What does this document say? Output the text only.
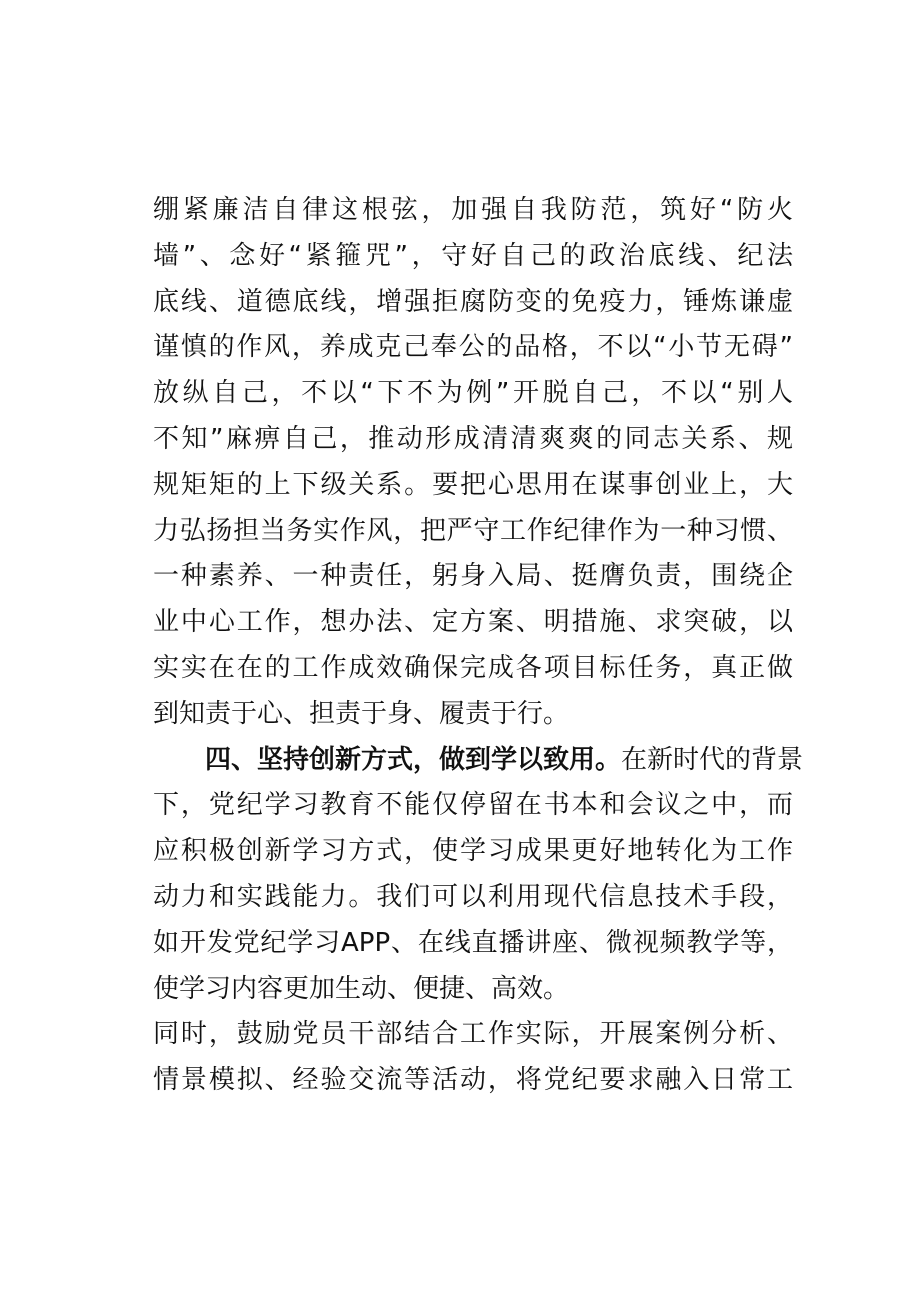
绷紧廉洁自律这根弦，加强自我防范，筑好“防火
墙”、念好“紧箍咒”，守好自己的政治底线、纪法
底线、道德底线，增强拒腐防变的免疫力，锤炼谦虚
谨慎的作风，养成克己奉公的品格，不以“小节无碍”
放纵自己，不以“下不为例”开脱自己，不以“别人
不知”麻痹自己，推动形成清清爽爽的同志关系、规
规矩矩的上下级关系。要把心思用在谋事创业上，大
力弘扬担当务实作风，把严守工作纪律作为一种习惯、
一种素养、一种责任，躬身入局、挺膺负责，围绕企
业中心工作，想办法、定方案、明措施、求突破，以
实实在在的工作成效确保完成各项目标任务，真正做
到知责于心、担责于身、履责于行。
四、坚持创新方式，做到学以致用。在新时代的背景
下，党纪学习教育不能仅停留在书本和会议之中，而
应积极创新学习方式，使学习成果更好地转化为工作
动力和实践能力。我们可以利用现代信息技术手段，
如开发党纪学习APP、在线直播讲座、微视频教学等，
使学习内容更加生动、便捷、高效。
同时，鼓励党员干部结合工作实际，开展案例分析、
情景模拟、经验交流等活动，将党纪要求融入日常工
